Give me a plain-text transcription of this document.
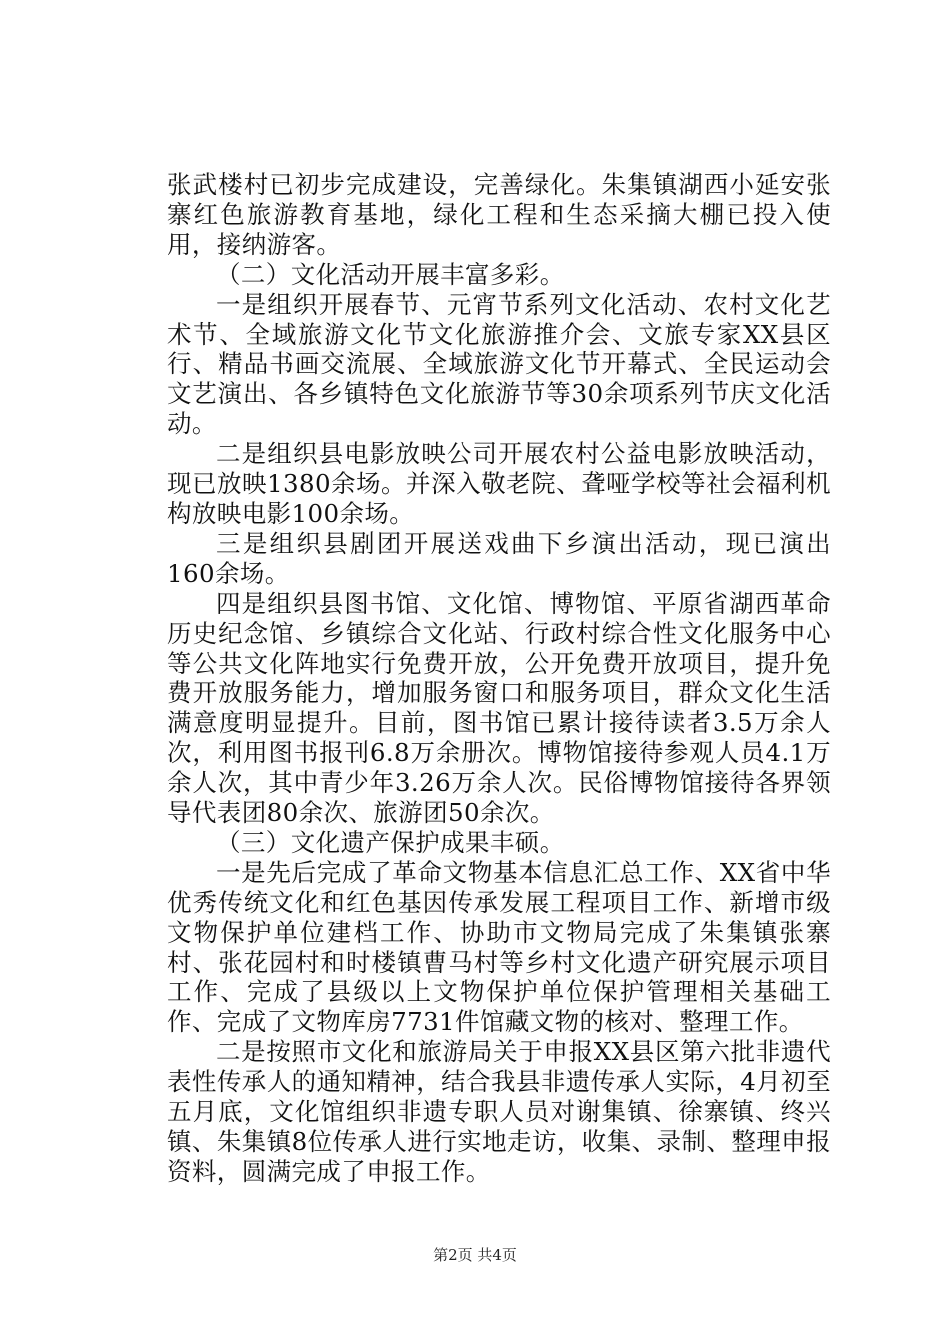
张武楼村已初步完成建设，完善绿化。朱集镇湖西小延安张寨红色旅游教育基地，绿化工程和生态采摘大棚已投入使用，接纳游客。

（二）文化活动开展丰富多彩。

一是组织开展春节、元宵节系列文化活动、农村文化艺术节、全域旅游文化节文化旅游推介会、文旅专家XX县区行、精品书画交流展、全域旅游文化节开幕式、全民运动会文艺演出、各乡镇特色文化旅游节等30余项系列节庆文化活动。

二是组织县电影放映公司开展农村公益电影放映活动，现已放映1380余场。并深入敬老院、聋哑学校等社会福利机构放映电影100余场。

三是组织县剧团开展送戏曲下乡演出活动，现已演出160余场。

四是组织县图书馆、文化馆、博物馆、平原省湖西革命历史纪念馆、乡镇综合文化站、行政村综合性文化服务中心等公共文化阵地实行免费开放，公开免费开放项目，提升免费开放服务能力，增加服务窗口和服务项目，群众文化生活满意度明显提升。目前，图书馆已累计接待读者3.5万余人次，利用图书报刊6.8万余册次。博物馆接待参观人员4.1万余人次，其中青少年3.26万余人次。民俗博物馆接待各界领导代表团80余次、旅游团50余次。

（三）文化遗产保护成果丰硕。

一是先后完成了革命文物基本信息汇总工作、XX省中华优秀传统文化和红色基因传承发展工程项目工作、新增市级文物保护单位建档工作、协助市文物局完成了朱集镇张寨村、张花园村和时楼镇曹马村等乡村文化遗产研究展示项目工作、完成了县级以上文物保护单位保护管理相关基础工作、完成了文物库房7731件馆藏文物的核对、整理工作。

二是按照市文化和旅游局关于申报XX县区第六批非遗代表性传承人的通知精神，结合我县非遗传承人实际，4月初至五月底，文化馆组织非遗专职人员对谢集镇、徐寨镇、终兴镇、朱集镇8位传承人进行实地走访，收集、录制、整理申报资料，圆满完成了申报工作。

第2页 共4页
